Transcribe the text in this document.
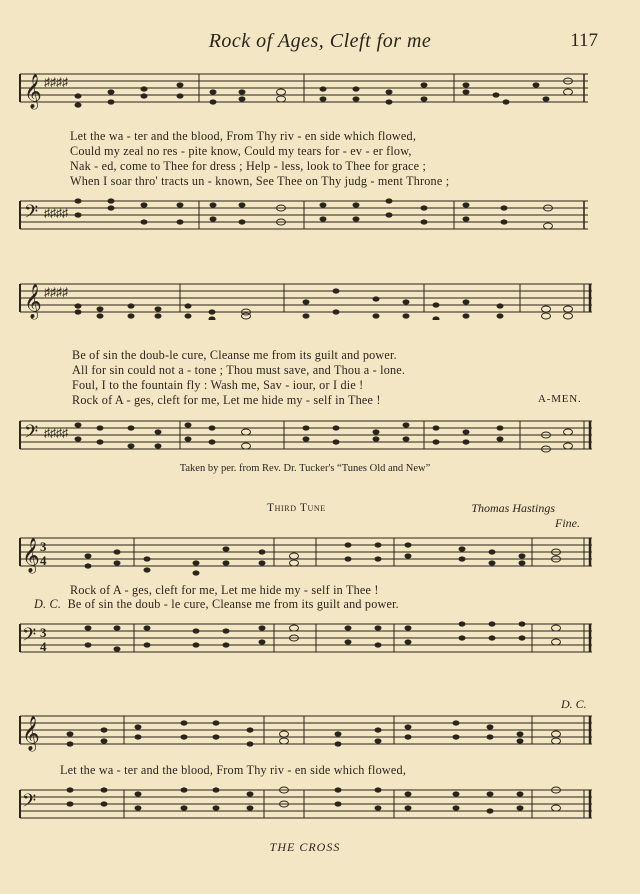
Rock of Ages, Cleft for me	117
𝄞 ♯♯♯♯
Let the wa - ter and the blood, From Thy riv - en side which flowed,
Could my zeal no res - pite know, Could my tears for - ev - er flow,
Nak - ed, come to Thee for dress ; Help - less, look to Thee for grace ;
When I soar thro' tracts un - known, See Thee on Thy judg - ment Throne ;
𝄢 ♯♯♯♯
𝄞 ♯♯♯♯
Be of sin the doub-le cure, Cleanse me from its guilt and power.
All for sin could not a - tone ; Thou must save, and Thou a - lone.
Foul, I to the fountain fly : Wash me, Sav - iour, or I die !
Rock of A - ges, cleft for me, Let me hide my - self in Thee !	A-MEN.
𝄢 ♯♯♯♯
Taken by per. from Rev. Dr. Tucker's “Tunes Old and New”
Third Tune	Thomas Hastings
Fine.
𝄞 3
4
Rock of A - ges, cleft for me, Let me hide my - self in Thee !
D. C. Be of sin the doub - le cure, Cleanse me from its guilt and power.
𝄢 3
4
D. C.
𝄞
Let the wa - ter and the blood, From Thy riv - en side which flowed,
𝄢
THE CROSS
